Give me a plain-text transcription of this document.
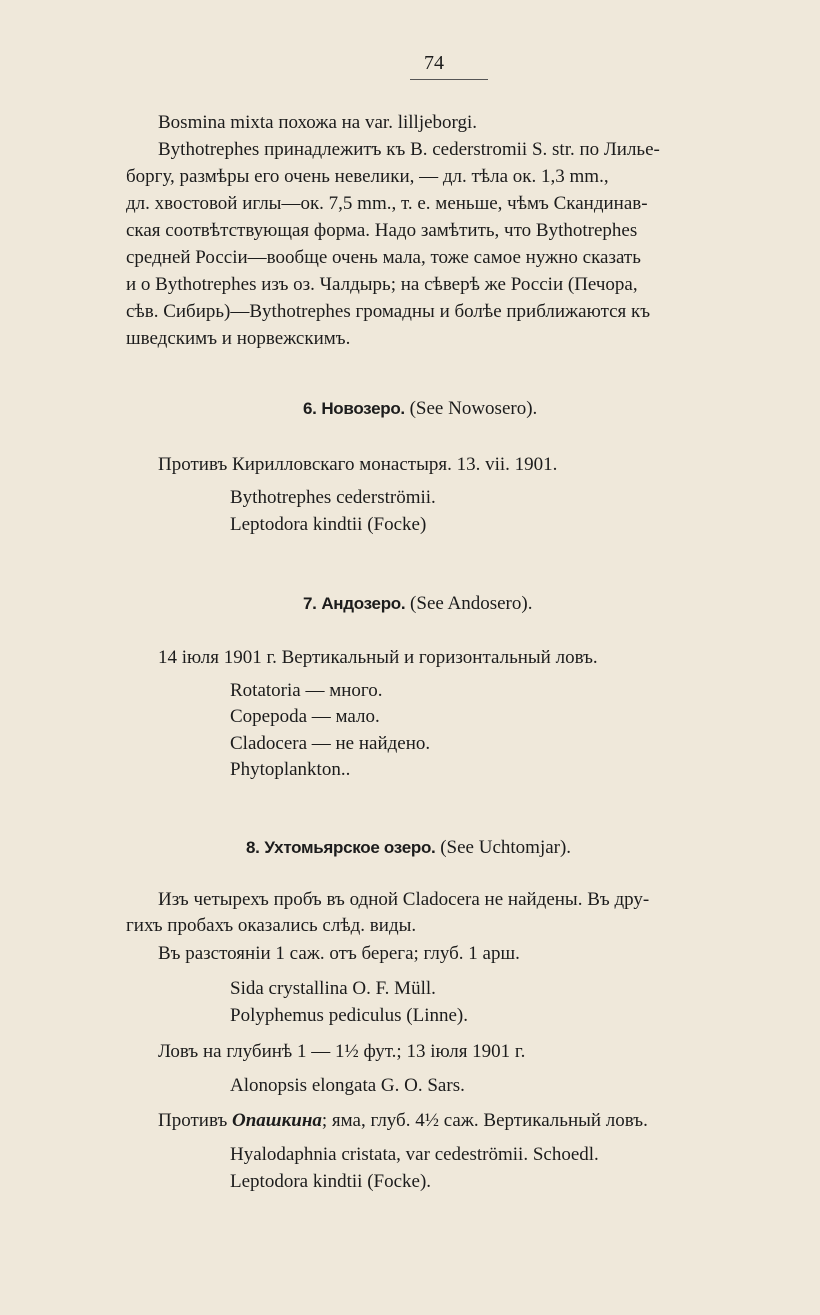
74
Bosmina mixta похожа на var. lilljeborgi.
Bythotrephes принадлежитъ къ B. cederstromii S. str. по Лилье-
боргу, размѣры его очень невелики, — дл. тѣла ок. 1,3 mm.,
дл. хвостовой иглы—ок. 7,5 mm., т. е. меньше, чѣмъ Скандинав-
ская соотвѣтствующая форма. Надо замѣтить, что Bythotrephes
средней Россіи—вообще очень мала, тоже самое нужно сказать
и о Bythotrephes изъ оз. Чалдырь; на сѣверѣ же Россіи (Печора,
сѣв. Сибирь)—Bythotrephes громадны и болѣе приближаются къ
шведскимъ и норвежскимъ.
6. Новозеро. (See Nowosero).
Противъ Кирилловскаго монастыря. 13. vii. 1901.
Bythotrephes cederströmii.
Leptodora kindtii (Focke)
7. Андозеро. (See Andosero).
14 іюля 1901 г. Вертикальный и горизонтальный ловъ.
Rotatoria — много.
Copepoda — мало.
Cladocera — не найдено.
Phytoplankton..
8. Ухтомьярское озеро. (See Uchtomjar).
Изъ четырехъ пробъ въ одной Cladocera не найдены. Въ дру-
гихъ пробахъ оказались слѣд. виды.
Въ разстояніи 1 саж. отъ берега; глуб. 1 арш.
Sida crystallina O. F. Müll.
Polyphemus pediculus (Linne).
Ловъ на глубинѣ 1 — 1½ фут.; 13 іюля 1901 г.
Alonopsis elongata G. O. Sars.
Противъ Опашкина; яма, глуб. 4½ саж. Вертикальный ловъ.
Hyalodaphnia cristata, var cedeströmii. Schoedl.
Leptodora kindtii (Focke).
